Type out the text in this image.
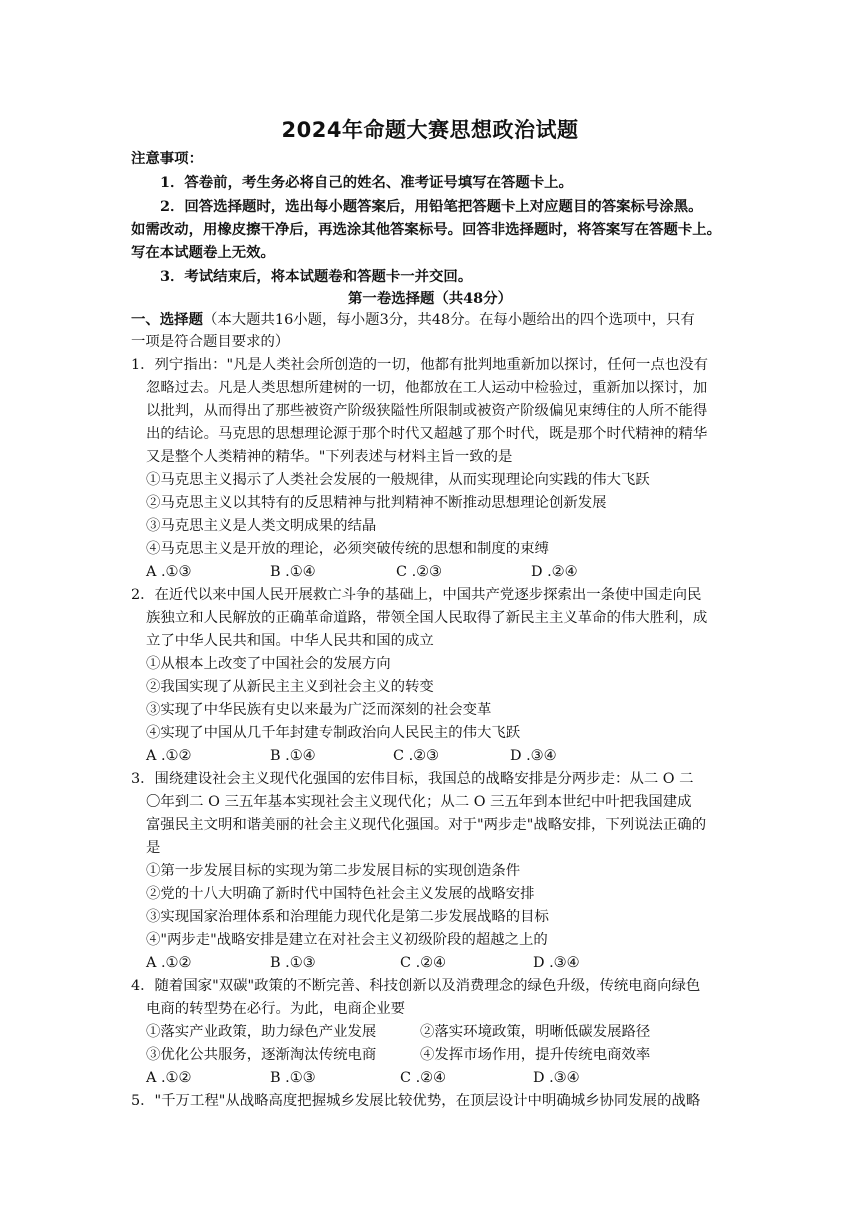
2024年命题大赛思想政治试题
注意事项：
1．答卷前，考生务必将自己的姓名、准考证号填写在答题卡上。
2．回答选择题时，选出每小题答案后，用铅笔把答题卡上对应题目的答案标号涂黑。
如需改动，用橡皮擦干净后，再选涂其他答案标号。回答非选择题时，将答案写在答题卡上。
写在本试题卷上无效。
3．考试结束后，将本试题卷和答题卡一并交回。
第一卷选择题（共48分）
一、选择题（本大题共16小题，每小题3分，共48分。在每小题给出的四个选项中，只有
一项是符合题目要求的）
1．列宁指出："凡是人类社会所创造的一切，他都有批判地重新加以探讨，任何一点也没有
忽略过去。凡是人类思想所建树的一切，他都放在工人运动中检验过，重新加以探讨，加
以批判，从而得出了那些被资产阶级狭隘性所限制或被资产阶级偏见束缚住的人所不能得
出的结论。马克思的思想理论源于那个时代又超越了那个时代，既是那个时代精神的精华
又是整个人类精神的精华。"下列表述与材料主旨一致的是
①马克思主义揭示了人类社会发展的一般规律，从而实现理论向实践的伟大飞跃
②马克思主义以其特有的反思精神与批判精神不断推动思想理论创新发展
③马克思主义是人类文明成果的结晶
④马克思主义是开放的理论，必须突破传统的思想和制度的束缚
A .①③	B .①④	C .②③	D .②④
2．在近代以来中国人民开展救亡斗争的基础上，中国共产党逐步探索出一条使中国走向民
族独立和人民解放的正确革命道路，带领全国人民取得了新民主主义革命的伟大胜利，成
立了中华人民共和国。中华人民共和国的成立
①从根本上改变了中国社会的发展方向
②我国实现了从新民主主义到社会主义的转变
③实现了中华民族有史以来最为广泛而深刻的社会变革
④实现了中国从几千年封建专制政治向人民民主的伟大飞跃
A .①②	B .①④	C .②③	D .③④
3．围绕建设社会主义现代化强国的宏伟目标，我国总的战略安排是分两步走：从二 O 二
〇年到二 O 三五年基本实现社会主义现代化；从二 O 三五年到本世纪中叶把我国建成
富强民主文明和谐美丽的社会主义现代化强国。对于"两步走"战略安排，下列说法正确的
是
①第一步发展目标的实现为第二步发展目标的实现创造条件
②党的十八大明确了新时代中国特色社会主义发展的战略安排
③实现国家治理体系和治理能力现代化是第二步发展战略的目标
④"两步走"战略安排是建立在对社会主义初级阶段的超越之上的
A .①②	B .①③	C .②④	D .③④
4．随着国家"双碳"政策的不断完善、科技创新以及消费理念的绿色升级，传统电商向绿色
电商的转型势在必行。为此，电商企业要
①落实产业政策，助力绿色产业发展	②落实环境政策，明晰低碳发展路径
③优化公共服务，逐渐淘汰传统电商	④发挥市场作用，提升传统电商效率
A .①②	B .①③	C .②④	D .③④
5．"千万工程"从战略高度把握城乡发展比较优势，在顶层设计中明确城乡协同发展的战略
